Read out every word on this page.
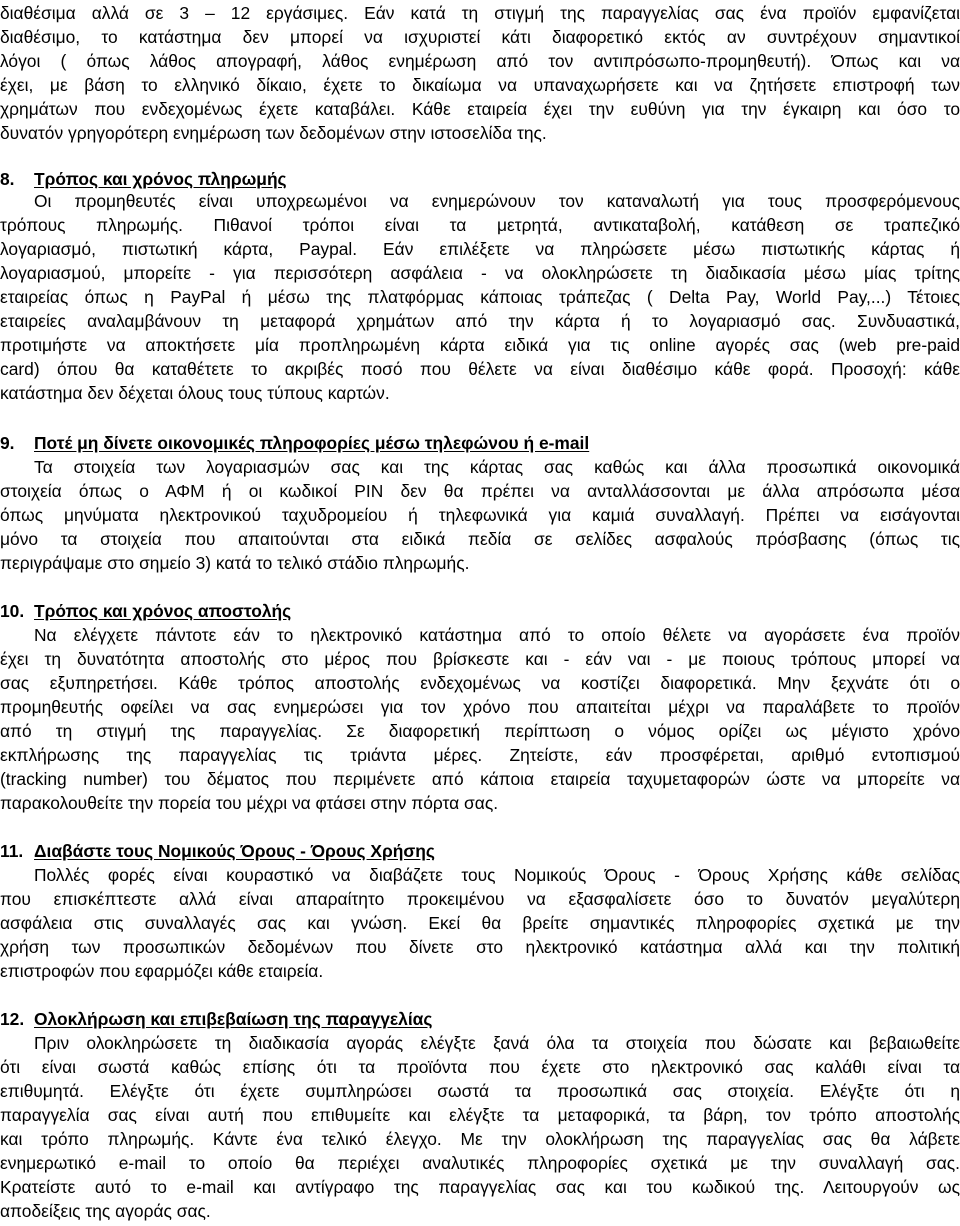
διαθέσιμα αλλά σε 3 – 12 εργάσιμες. Εάν κατά τη στιγμή της παραγγελίας σας ένα προϊόν εμφανίζεται
διαθέσιμο, το κατάστημα δεν μπορεί να ισχυριστεί κάτι διαφορετικό εκτός αν συντρέχουν σημαντικοί
λόγοι ( όπως λάθος απογραφή, λάθος ενημέρωση από τον αντιπρόσωπο-προμηθευτή). Όπως και να
έχει, με βάση το ελληνικό δίκαιο, έχετε το δικαίωμα να υπαναχωρήσετε και να ζητήσετε επιστροφή των
χρημάτων που ενδεχομένως έχετε καταβάλει. Κάθε εταιρεία έχει την ευθύνη για την έγκαιρη και όσο το
δυνατόν γρηγορότερη ενημέρωση των δεδομένων στην ιστοσελίδα της.
8. Τρόπος και χρόνος πληρωμής
Οι προμηθευτές είναι υποχρεωμένοι να ενημερώνουν τον καταναλωτή για τους προσφερόμενους
τρόπους πληρωμής. Πιθανοί τρόποι είναι τα μετρητά, αντικαταβολή, κατάθεση σε τραπεζικό
λογαριασμό, πιστωτική κάρτα, Paypal. Εάν επιλέξετε να πληρώσετε μέσω πιστωτικής κάρτας ή
λογαριασμού, μπορείτε - για περισσότερη ασφάλεια - να ολοκληρώσετε τη διαδικασία μέσω μίας τρίτης
εταιρείας όπως η PayPal ή μέσω της πλατφόρμας κάποιας τράπεζας ( Delta Pay, World Pay,...) Τέτοιες
εταιρείες αναλαμβάνουν τη μεταφορά χρημάτων από την κάρτα ή το λογαριασμό σας. Συνδυαστικά,
προτιμήστε να αποκτήσετε μία προπληρωμένη κάρτα ειδικά για τις online αγορές σας (web pre-paid
card) όπου θα καταθέτετε το ακριβές ποσό που θέλετε να είναι διαθέσιμο κάθε φορά. Προσοχή: κάθε
κατάστημα δεν δέχεται όλους τους τύπους καρτών.
9. Ποτέ μη δίνετε οικονομικές πληροφορίες μέσω τηλεφώνου ή e-mail
Τα στοιχεία των λογαριασμών σας και της κάρτας σας καθώς και άλλα προσωπικά οικονομικά
στοιχεία όπως ο ΑΦΜ ή οι κωδικοί PIN δεν θα πρέπει να ανταλλάσσονται με άλλα απρόσωπα μέσα
όπως μηνύματα ηλεκτρονικού ταχυδρομείου ή τηλεφωνικά για καμιά συναλλαγή. Πρέπει να εισάγονται
μόνο τα στοιχεία που απαιτούνται στα ειδικά πεδία σε σελίδες ασφαλούς πρόσβασης (όπως τις
περιγράψαμε στο σημείο 3) κατά το τελικό στάδιο πληρωμής.
10. Τρόπος και χρόνος αποστολής
Να ελέγχετε πάντοτε εάν το ηλεκτρονικό κατάστημα από το οποίο θέλετε να αγοράσετε ένα προϊόν
έχει τη δυνατότητα αποστολής στο μέρος που βρίσκεστε και - εάν ναι - με ποιους τρόπους μπορεί να
σας εξυπηρετήσει. Κάθε τρόπος αποστολής ενδεχομένως να κοστίζει διαφορετικά. Μην ξεχνάτε ότι ο
προμηθευτής οφείλει να σας ενημερώσει για τον χρόνο που απαιτείται μέχρι να παραλάβετε το προϊόν
από τη στιγμή της παραγγελίας. Σε διαφορετική περίπτωση ο νόμος ορίζει ως μέγιστο χρόνο
εκπλήρωσης της παραγγελίας τις τριάντα μέρες. Ζητείστε, εάν προσφέρεται, αριθμό εντοπισμού
(tracking number) του δέματος που περιμένετε από κάποια εταιρεία ταχυμεταφορών ώστε να μπορείτε να
παρακολουθείτε την πορεία του μέχρι να φτάσει στην πόρτα σας.
11. Διαβάστε τους Νομικούς Όρους - Όρους Χρήσης
Πολλές φορές είναι κουραστικό να διαβάζετε τους Νομικούς Όρους - Όρους Χρήσης κάθε σελίδας
που επισκέπτεστε αλλά είναι απαραίτητο προκειμένου να εξασφαλίσετε όσο το δυνατόν μεγαλύτερη
ασφάλεια στις συναλλαγές σας και γνώση. Εκεί θα βρείτε σημαντικές πληροφορίες σχετικά με την
χρήση των προσωπικών δεδομένων που δίνετε στο ηλεκτρονικό κατάστημα αλλά και την πολιτική
επιστροφών που εφαρμόζει κάθε εταιρεία.
12. Ολοκλήρωση και επιβεβαίωση της παραγγελίας
Πριν ολοκληρώσετε τη διαδικασία αγοράς ελέγξτε ξανά όλα τα στοιχεία που δώσατε και βεβαιωθείτε
ότι είναι σωστά καθώς επίσης ότι τα προϊόντα που έχετε στο ηλεκτρονικό σας καλάθι είναι τα
επιθυμητά. Ελέγξτε ότι έχετε συμπληρώσει σωστά τα προσωπικά σας στοιχεία. Ελέγξτε ότι η
παραγγελία σας είναι αυτή που επιθυμείτε και ελέγξτε τα μεταφορικά, τα βάρη, τον τρόπο αποστολής
και τρόπο πληρωμής. Κάντε ένα τελικό έλεγχο. Με την ολοκλήρωση της παραγγελίας σας θα λάβετε
ενημερωτικό e-mail το οποίο θα περιέχει αναλυτικές πληροφορίες σχετικά με την συναλλαγή σας.
Κρατείστε αυτό το e-mail και αντίγραφο της παραγγελίας σας και του κωδικού της. Λειτουργούν ως
αποδείξεις της αγοράς σας.
